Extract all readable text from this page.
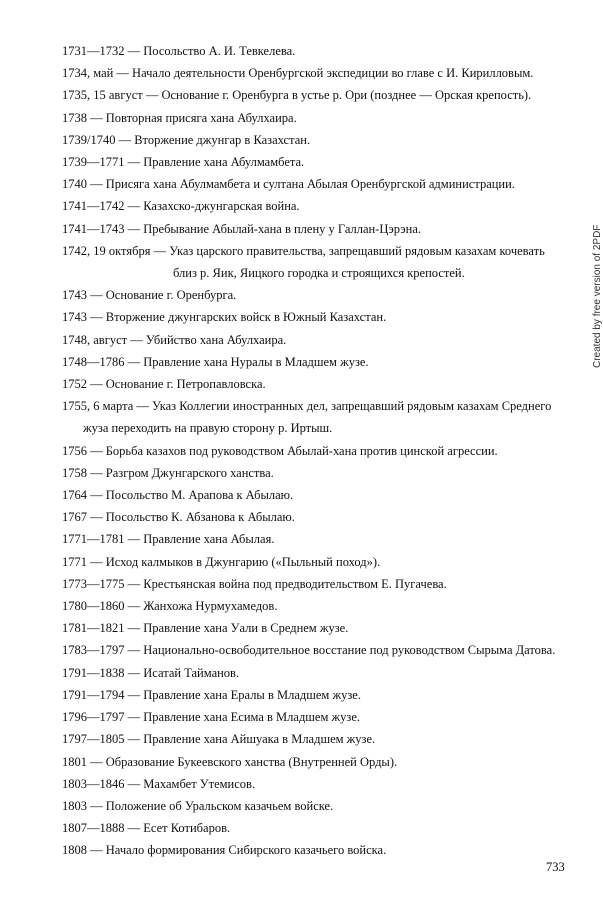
1731—1732 — Посольство А. И. Тевкелева.
1734, май — Начало деятельности Оренбургской экспедиции во главе с И. Кирилловым.
1735, 15 август — Основание г. Оренбурга в устье р. Ори (позднее — Орская крепость).
1738 — Повторная присяга хана Абулхаира.
1739/1740 — Вторжение джунгар в Казахстан.
1739—1771 — Правление хана Абулмамбета.
1740 — Присяга хана Абулмамбета и султана Абылая Оренбургской администрации.
1741—1742 — Казахско-джунгарская война.
1741—1743 — Пребывание Абылай-хана в плену у Галлан-Цэрэна.
1742, 19 октября — Указ царского правительства, запрещавший рядовым казахам кочевать
близ р. Яик, Яицкого городка и строящихся крепостей.
1743 — Основание г. Оренбурга.
1743 — Вторжение джунгарских войск в Южный Казахстан.
1748, август — Убийство хана Абулхаира.
1748—1786 — Правление хана Нуралы в Младшем жузе.
1752 — Основание г. Петропавловска.
1755, 6 марта — Указ Коллегии иностранных дел, запрещавший рядовым казахам Среднего
жуза переходить на правую сторону р. Иртыш.
1756 — Борьба казахов под руководством Абылай-хана против цинской агрессии.
1758 — Разгром Джунгарского ханства.
1764 — Посольство М. Арапова к Абылаю.
1767 — Посольство К. Абзанова к Абылаю.
1771—1781 — Правление хана Абылая.
1771 — Исход калмыков в Джунгарию («Пыльный поход»).
1773—1775 — Крестьянская война под предводительством Е. Пугачева.
1780—1860 — Жанхожа Нурмухамедов.
1781—1821 — Правление хана Уали в Среднем жузе.
1783—1797 — Национально-освободительное восстание под руководством Сырыма Датова.
1791—1838 — Исатай Тайманов.
1791—1794 — Правление хана Ералы в Младшем жузе.
1796—1797 — Правление хана Есима в Младшем жузе.
1797—1805 — Правление хана Айшуака в Младшем жузе.
1801 — Образование Букеевского ханства (Внутренней Орды).
1803—1846 — Махамбет Утемисов.
1803 — Положение об Уральском казачьем войске.
1807—1888 — Есет Котибаров.
1808 — Начало формирования Сибирского казачьего войска.
733
Created by free version of 2PDF
